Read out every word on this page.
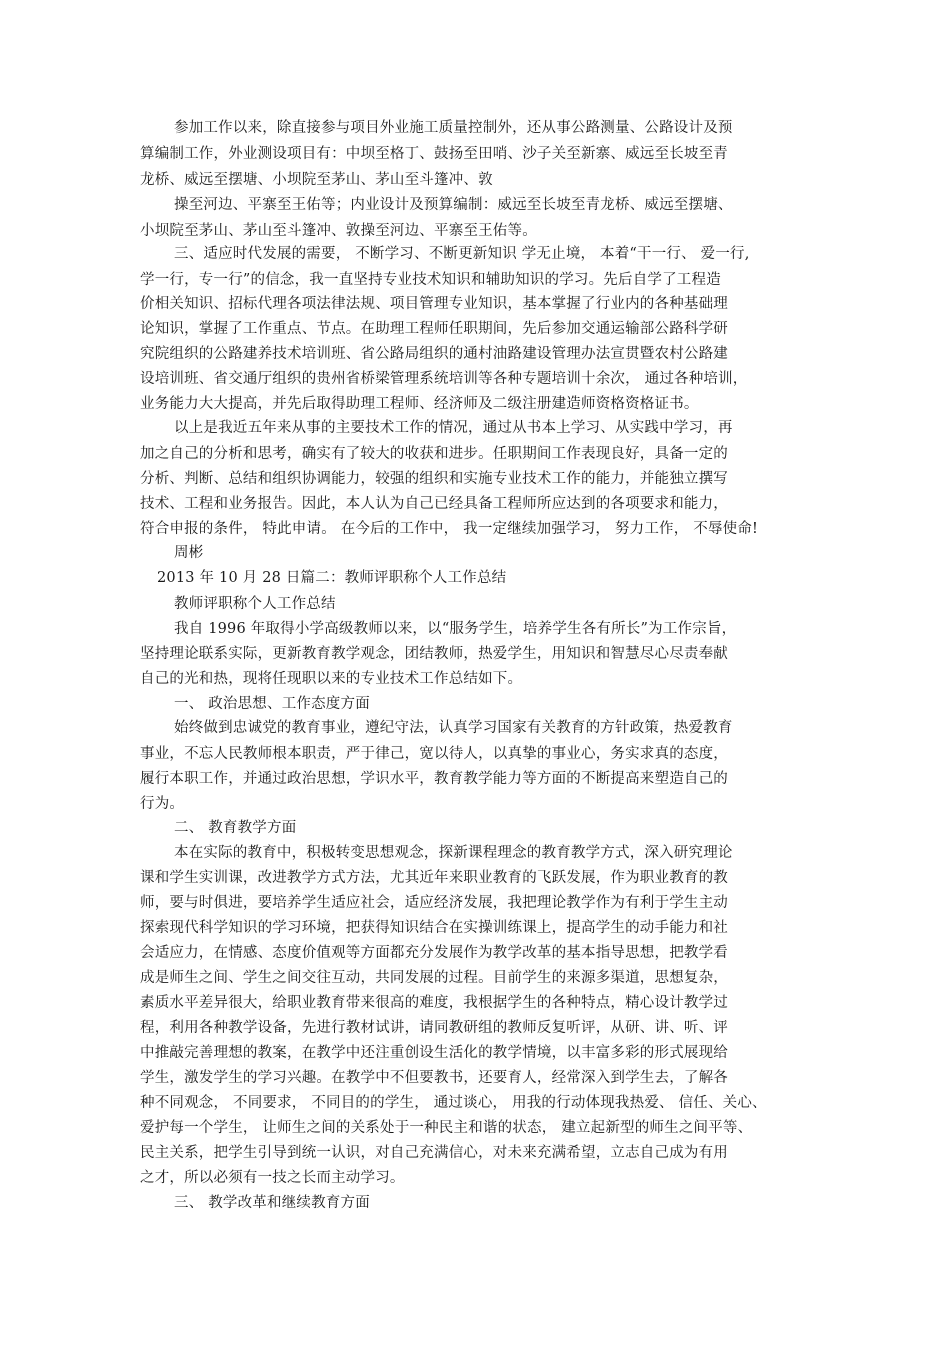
参加工作以来，除直接参与项目外业施工质量控制外，还从事公路测量、公路设计及预
算编制工作，外业测设项目有：中坝至格丁、鼓扬至田哨、沙子关至新寨、威远至长坡至青
龙桥、威远至摆塘、小坝院至茅山、茅山至斗篷冲、敦
操至河边、平寨至王佑等；内业设计及预算编制：威远至长坡至青龙桥、威远至摆塘、
小坝院至茅山、茅山至斗篷冲、敦操至河边、平寨至王佑等。
三、适应时代发展的需要， 不断学习、不断更新知识 学无止境， 本着“干一行、 爱一行,
学一行，专一行”的信念，我一直坚持专业技术知识和辅助知识的学习。先后自学了工程造
价相关知识、招标代理各项法律法规、项目管理专业知识，基本掌握了行业内的各种基础理
论知识，掌握了工作重点、节点。在助理工程师任职期间，先后参加交通运输部公路科学研
究院组织的公路建养技术培训班、省公路局组织的通村油路建设管理办法宣贯暨农村公路建
设培训班、省交通厅组织的贵州省桥梁管理系统培训等各种专题培训十余次， 通过各种培训，
业务能力大大提高，并先后取得助理工程师、经济师及二级注册建造师资格资格证书。
以上是我近五年来从事的主要技术工作的情况，通过从书本上学习、从实践中学习，再
加之自己的分析和思考，确实有了较大的收获和进步。任职期间工作表现良好，具备一定的
分析、判断、总结和组织协调能力，较强的组织和实施专业技术工作的能力，并能独立撰写
技术、工程和业务报告。因此，本人认为自己已经具备工程师所应达到的各项要求和能力，
符合申报的条件， 特此申请。 在今后的工作中， 我一定继续加强学习， 努力工作， 不辱使命!
周彬
2013 年 10 月 28 日篇二：教师评职称个人工作总结
教师评职称个人工作总结
我自 1996 年取得小学高级教师以来，以“服务学生，培养学生各有所长”为工作宗旨，
坚持理论联系实际，更新教育教学观念，团结教师，热爱学生，用知识和智慧尽心尽责奉献
自己的光和热，现将任现职以来的专业技术工作总结如下。
一、 政治思想、工作态度方面
始终做到忠诚党的教育事业，遵纪守法，认真学习国家有关教育的方针政策，热爱教育
事业，不忘人民教师根本职责，严于律己，宽以待人，以真挚的事业心，务实求真的态度，
履行本职工作，并通过政治思想，学识水平，教育教学能力等方面的不断提高来塑造自己的
行为。
二、 教育教学方面
本在实际的教育中，积极转变思想观念，探新课程理念的教育教学方式，深入研究理论
课和学生实训课，改进教学方式方法，尤其近年来职业教育的飞跃发展，作为职业教育的教
师，要与时俱进，要培养学生适应社会，适应经济发展，我把理论教学作为有利于学生主动
探索现代科学知识的学习环境，把获得知识结合在实操训练课上，提高学生的动手能力和社
会适应力，在情感、态度价值观等方面都充分发展作为教学改革的基本指导思想，把教学看
成是师生之间、学生之间交往互动，共同发展的过程。目前学生的来源多渠道，思想复杂，
素质水平差异很大，给职业教育带来很高的难度，我根据学生的各种特点，精心设计教学过
程，利用各种教学设备，先进行教材试讲，请同教研组的教师反复听评，从研、讲、听、评
中推敲完善理想的教案，在教学中还注重创设生活化的教学情境，以丰富多彩的形式展现给
学生，激发学生的学习兴趣。在教学中不但要教书，还要育人，经常深入到学生去，了解各
种不同观念， 不同要求， 不同目的的学生， 通过谈心， 用我的行动体现我热爱、 信任、关心、
爱护每一个学生， 让师生之间的关系处于一种民主和谐的状态， 建立起新型的师生之间平等、
民主关系，把学生引导到统一认识，对自己充满信心，对未来充满希望，立志自己成为有用
之才，所以必须有一技之长而主动学习。
三、 教学改革和继续教育方面
